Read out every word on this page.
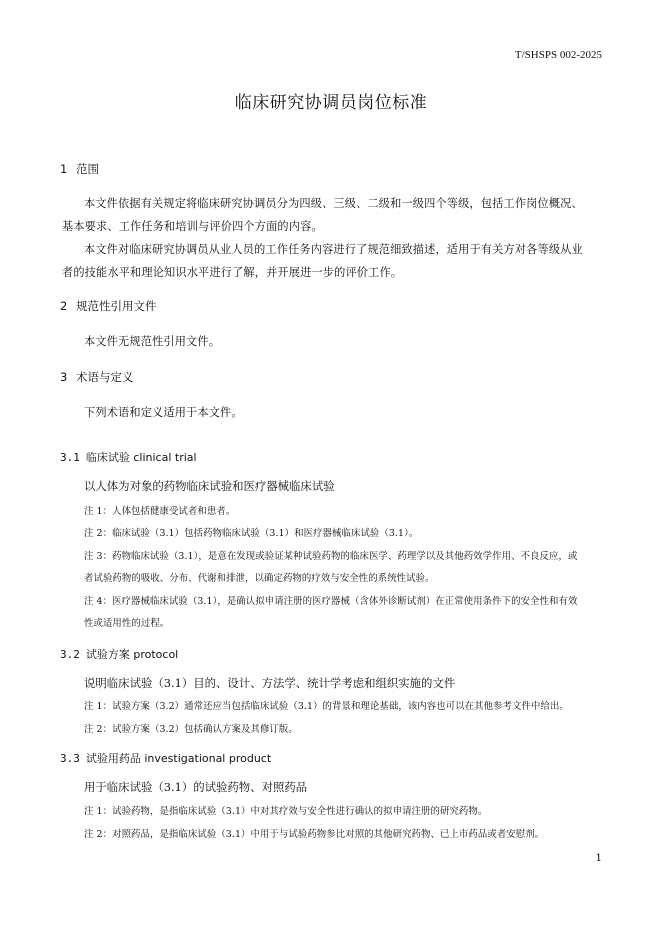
T/SHSPS 002-2025
临床研究协调员岗位标准
1 范围
本文件依据有关规定将临床研究协调员分为四级、三级、二级和一级四个等级，包括工作岗位概况、
基本要求、工作任务和培训与评价四个方面的内容。
本文件对临床研究协调员从业人员的工作任务内容进行了规范细致描述，适用于有关方对各等级从业
者的技能水平和理论知识水平进行了解，并开展进一步的评价工作。
2 规范性引用文件
本文件无规范性引用文件。
3 术语与定义
下列术语和定义适用于本文件。
3.1 临床试验 clinical trial
以人体为对象的药物临床试验和医疗器械临床试验
注 1：人体包括健康受试者和患者。
注 2：临床试验（3.1）包括药物临床试验（3.1）和医疗器械临床试验（3.1）。
注 3：药物临床试验（3.1），是意在发现或验证某种试验药物的临床医学、药理学以及其他药效学作用、不良反应，或
者试验药物的吸收、分布、代谢和排泄，以确定药物的疗效与安全性的系统性试验。
注 4：医疗器械临床试验（3.1），是确认拟申请注册的医疗器械（含体外诊断试剂）在正常使用条件下的安全性和有效
性或适用性的过程。
3.2 试验方案 protocol
说明临床试验（3.1）目的、设计、方法学、统计学考虑和组织实施的文件
注 1：试验方案（3.2）通常还应当包括临床试验（3.1）的背景和理论基础，该内容也可以在其他参考文件中给出。
注 2：试验方案（3.2）包括确认方案及其修订版。
3.3 试验用药品 investigational product
用于临床试验（3.1）的试验药物、对照药品
注 1：试验药物，是指临床试验（3.1）中对其疗效与安全性进行确认的拟申请注册的研究药物。
注 2：对照药品，是指临床试验（3.1）中用于与试验药物参比对照的其他研究药物、已上市药品或者安慰剂。
1
